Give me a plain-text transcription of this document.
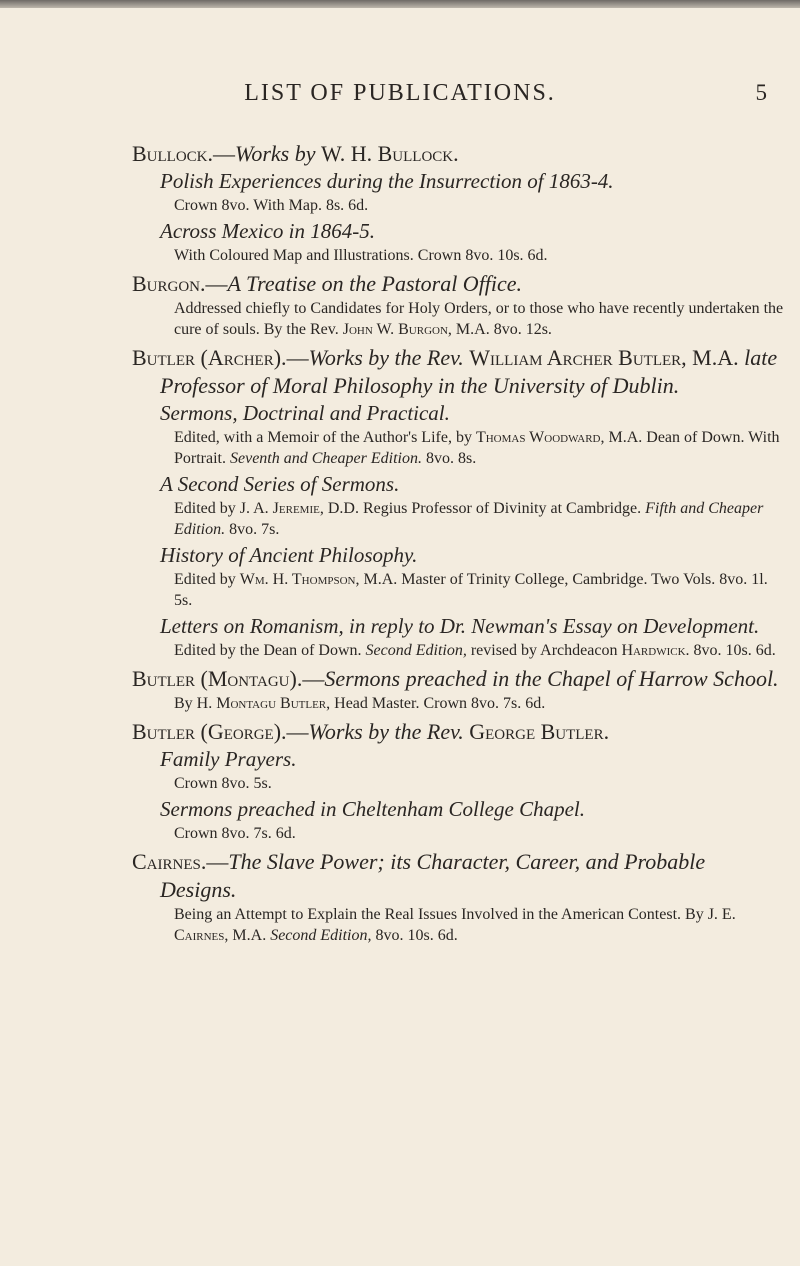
LIST OF PUBLICATIONS.	5
Bullock.—Works by W. H. Bullock.
Polish Experiences during the Insurrection of 1863-4.
Crown 8vo. With Map. 8s. 6d.
Across Mexico in 1864-5.
With Coloured Map and Illustrations. Crown 8vo. 10s. 6d.
Burgon.—A Treatise on the Pastoral Office.
Addressed chiefly to Candidates for Holy Orders, or to those who have recently undertaken the cure of souls. By the Rev. John W. Burgon, M.A. 8vo. 12s.
Butler (Archer).—Works by the Rev. William Archer Butler, M.A. late Professor of Moral Philosophy in the University of Dublin.
Sermons, Doctrinal and Practical.
Edited, with a Memoir of the Author's Life, by Thomas Woodward, M.A. Dean of Down. With Portrait. Seventh and Cheaper Edition. 8vo. 8s.
A Second Series of Sermons.
Edited by J. A. Jeremie, D.D. Regius Professor of Divinity at Cambridge. Fifth and Cheaper Edition. 8vo. 7s.
History of Ancient Philosophy.
Edited by Wm. H. Thompson, M.A. Master of Trinity College, Cambridge. Two Vols. 8vo. 1l. 5s.
Letters on Romanism, in reply to Dr. Newman's Essay on Development.
Edited by the Dean of Down. Second Edition, revised by Archdeacon Hardwick. 8vo. 10s. 6d.
Butler (Montagu).—Sermons preached in the Chapel of Harrow School.
By H. Montagu Butler, Head Master. Crown 8vo. 7s. 6d.
Butler (George).—Works by the Rev. George Butler.
Family Prayers.
Crown 8vo. 5s.
Sermons preached in Cheltenham College Chapel.
Crown 8vo. 7s. 6d.
Cairnes.—The Slave Power; its Character, Career, and Probable Designs.
Being an Attempt to Explain the Real Issues Involved in the American Contest. By J. E. Cairnes, M.A. Second Edition, 8vo. 10s. 6d.
